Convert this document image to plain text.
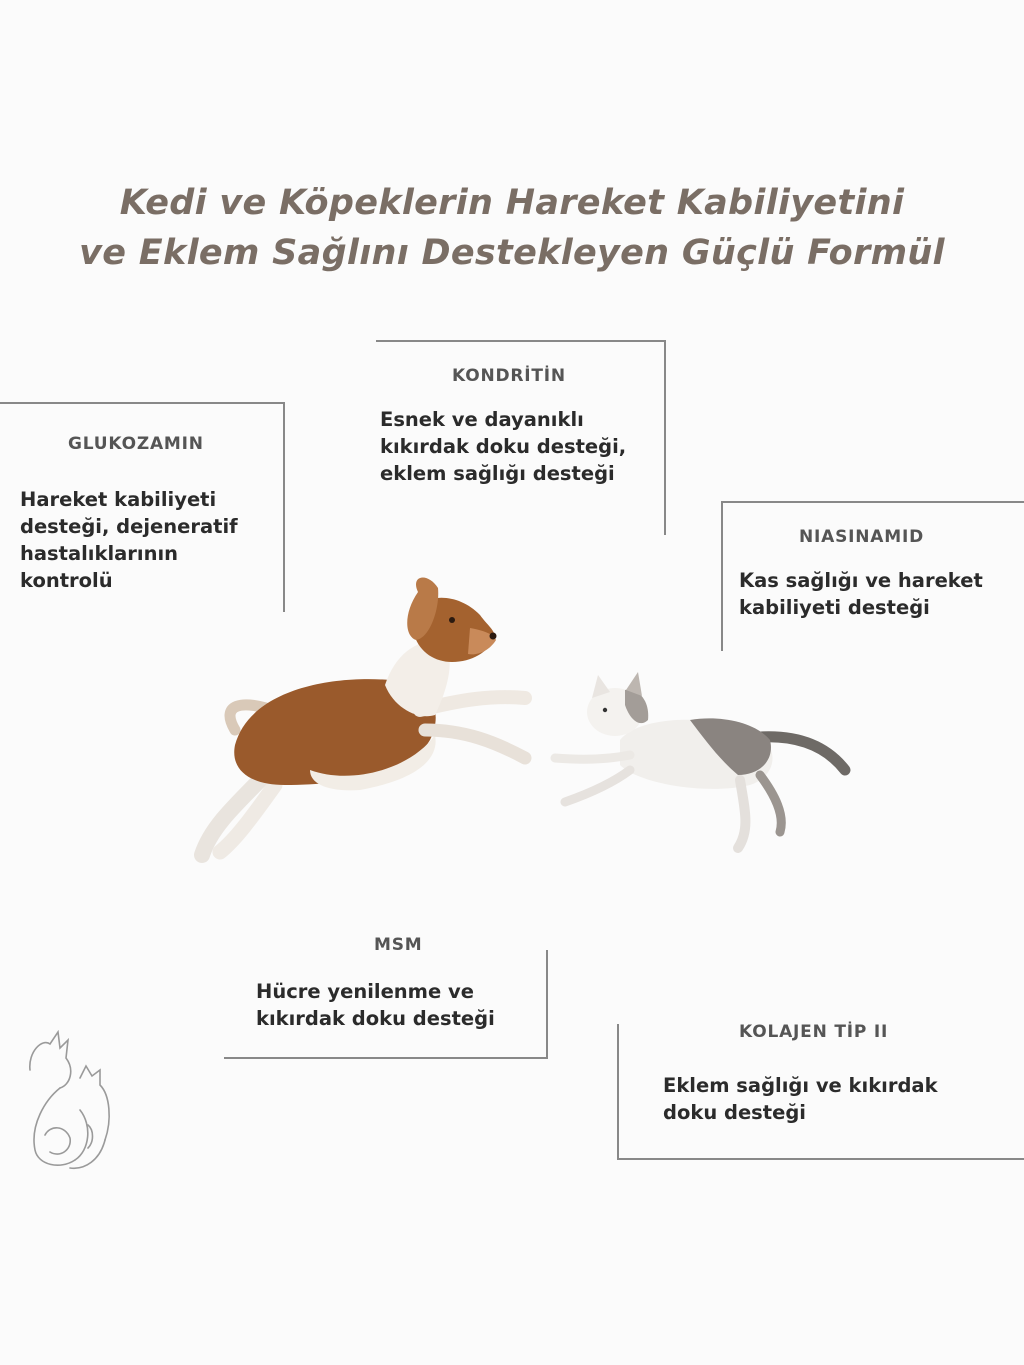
Kedi ve Köpeklerin Hareket Kabiliyetini
ve Eklem Sağlını Destekleyen Güçlü Formül

GLUKOZAMIN

Hareket kabiliyeti
desteği, dejeneratif
hastalıklarının
kontrolü

KONDRİTİN

Esnek ve dayanıklı
kıkırdak doku desteği,
eklem sağlığı desteği

NIASINAMID

Kas sağlığı ve hareket
kabiliyeti desteği

MSM

Hücre yenilenme ve
kıkırdak doku desteği

KOLAJEN TİP II

Eklem sağlığı ve kıkırdak
doku desteği
